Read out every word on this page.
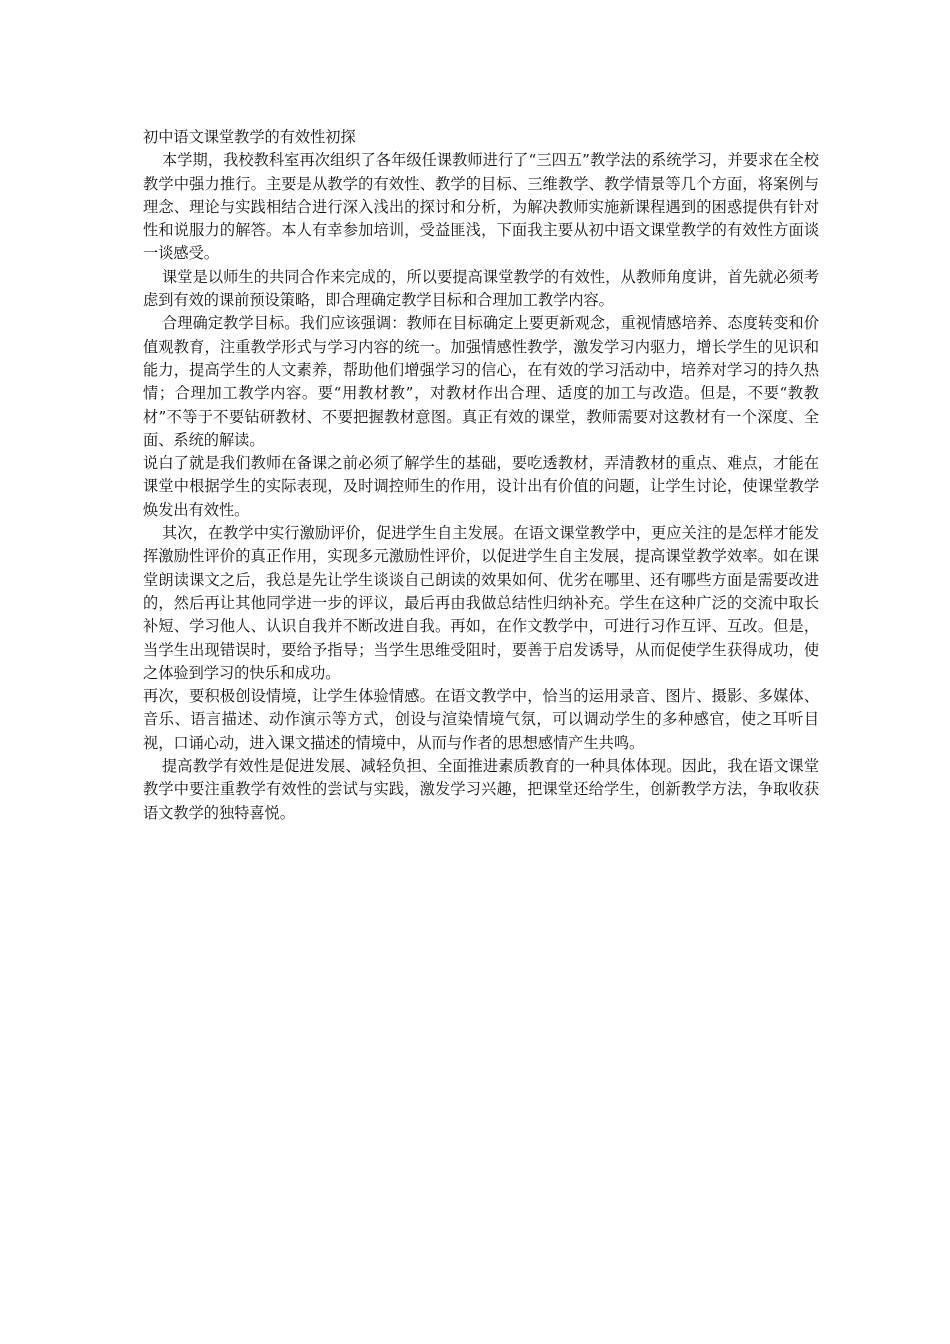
初中语文课堂教学的有效性初探

本学期，我校教科室再次组织了各年级任课教师进行了“三四五”教学法的系统学习，并要求在全校教学中强力推行。主要是从教学的有效性、教学的目标、三维教学、教学情景等几个方面，将案例与理念、理论与实践相结合进行深入浅出的探讨和分析，为解决教师实施新课程遇到的困惑提供有针对性和说服力的解答。本人有幸参加培训，受益匪浅，下面我主要从初中语文课堂教学的有效性方面谈一谈感受。

课堂是以师生的共同合作来完成的，所以要提高课堂教学的有效性，从教师角度讲，首先就必须考虑到有效的课前预设策略，即合理确定教学目标和合理加工教学内容。

合理确定教学目标。我们应该强调：教师在目标确定上要更新观念，重视情感培养、态度转变和价值观教育，注重教学形式与学习内容的统一。加强情感性教学，激发学习内驱力，增长学生的见识和能力，提高学生的人文素养，帮助他们增强学习的信心，在有效的学习活动中，培养对学习的持久热情；合理加工教学内容。要“用教材教”，对教材作出合理、适度的加工与改造。但是，不要“教教材”不等于不要钻研教材、不要把握教材意图。真正有效的课堂，教师需要对这教材有一个深度、全面、系统的解读。

说白了就是我们教师在备课之前必须了解学生的基础，要吃透教材，弄清教材的重点、难点，才能在课堂中根据学生的实际表现，及时调控师生的作用，设计出有价值的问题，让学生讨论，使课堂教学焕发出有效性。

其次，在教学中实行激励评价，促进学生自主发展。在语文课堂教学中，更应关注的是怎样才能发挥激励性评价的真正作用，实现多元激励性评价，以促进学生自主发展，提高课堂教学效率。如在课堂朗读课文之后，我总是先让学生谈谈自己朗读的效果如何、优劣在哪里、还有哪些方面是需要改进的，然后再让其他同学进一步的评议，最后再由我做总结性归纳补充。学生在这种广泛的交流中取长补短、学习他人、认识自我并不断改进自我。再如，在作文教学中，可进行习作互评、互改。但是，当学生出现错误时，要给予指导；当学生思维受阻时，要善于启发诱导，从而促使学生获得成功，使之体验到学习的快乐和成功。

再次，要积极创设情境，让学生体验情感。在语文教学中，恰当的运用录音、图片、摄影、多媒体、音乐、语言描述、动作演示等方式，创设与渲染情境气氛，可以调动学生的多种感官，使之耳听目视，口诵心动，进入课文描述的情境中，从而与作者的思想感情产生共鸣。

提高教学有效性是促进发展、减轻负担、全面推进素质教育的一种具体体现。因此，我在语文课堂教学中要注重教学有效性的尝试与实践，激发学习兴趣，把课堂还给学生，创新教学方法，争取收获语文教学的独特喜悦。
